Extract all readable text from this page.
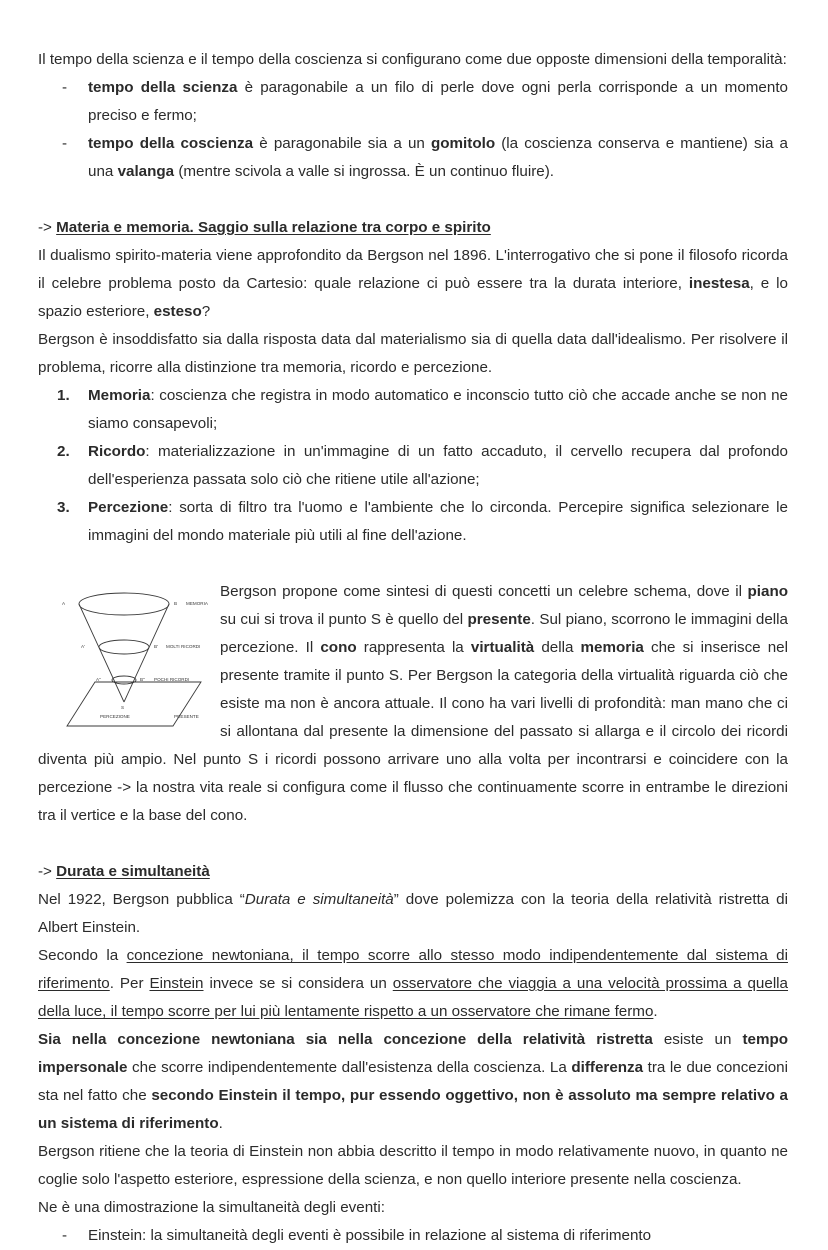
Il tempo della scienza e il tempo della coscienza si configurano come due opposte dimensioni della temporalità:

- tempo della scienza è paragonabile a un filo di perle dove ogni perla corrisponde a un momento preciso e fermo;
- tempo della coscienza è paragonabile sia a un gomitolo (la coscienza conserva e mantiene) sia a una valanga (mentre scivola a valle si ingrossa. È un continuo fluire).
-> Materia e memoria. Saggio sulla relazione tra corpo e spirito

Il dualismo spirito-materia viene approfondito da Bergson nel 1896. L'interrogativo che si pone il filosofo ricorda il celebre problema posto da Cartesio: quale relazione ci può essere tra la durata interiore, inestesa, e lo spazio esteriore, esteso?

Bergson è insoddisfatto sia dalla risposta data dal materialismo sia di quella data dall'idealismo. Per risolvere il problema, ricorre alla distinzione tra memoria, ricordo e percezione.

1. Memoria: coscienza che registra in modo automatico e inconscio tutto ciò che accade anche se non ne siamo consapevoli;
2. Ricordo: materializzazione in un'immagine di un fatto accaduto, il cervello recupera dal profondo dell'esperienza passata solo ciò che ritiene utile all'azione;
3. Percezione: sorta di filtro tra l'uomo e l'ambiente che lo circonda. Percepire significa selezionare le immagini del mondo materiale più utili al fine dell'azione.
A	B MEMORIA
A'	B' MOLTI RICORDI
A''	B'' POCHI RICORDI
S
PERCEZIONE	PRESENTE
Bergson propone come sintesi di questi concetti un celebre schema, dove il piano su cui si trova il punto S è quello del presente. Sul piano, scorrono le immagini della percezione. Il cono rappresenta la virtualità della memoria che si inserisce nel presente tramite il punto S. Per Bergson la categoria della virtualità riguarda ciò che esiste ma non è ancora attuale. Il cono ha vari livelli di profondità: man mano che ci si allontana dal presente la dimensione del passato si allarga e il circolo dei ricordi diventa più ampio. Nel punto S i ricordi possono arrivare uno alla volta per incontrarsi e coincidere con la percezione -> la nostra vita reale si configura come il flusso che continuamente scorre in entrambe le direzioni tra il vertice e la base del cono.
-> Durata e simultaneità

Nel 1922, Bergson pubblica “Durata e simultaneità” dove polemizza con la teoria della relatività ristretta di Albert Einstein.

Secondo la concezione newtoniana, il tempo scorre allo stesso modo indipendentemente dal sistema di riferimento. Per Einstein invece se si considera un osservatore che viaggia a una velocità prossima a quella della luce, il tempo scorre per lui più lentamente rispetto a un osservatore che rimane fermo.

Sia nella concezione newtoniana sia nella concezione della relatività ristretta esiste un tempo impersonale che scorre indipendentemente dall'esistenza della coscienza. La differenza tra le due concezioni sta nel fatto che secondo Einstein il tempo, pur essendo oggettivo, non è assoluto ma sempre relativo a un sistema di riferimento.

Bergson ritiene che la teoria di Einstein non abbia descritto il tempo in modo relativamente nuovo, in quanto ne coglie solo l'aspetto esteriore, espressione della scienza, e non quello interiore presente nella coscienza.

Ne è una dimostrazione la simultaneità degli eventi:

- Einstein: la simultaneità degli eventi è possibile in relazione al sistema di riferimento
